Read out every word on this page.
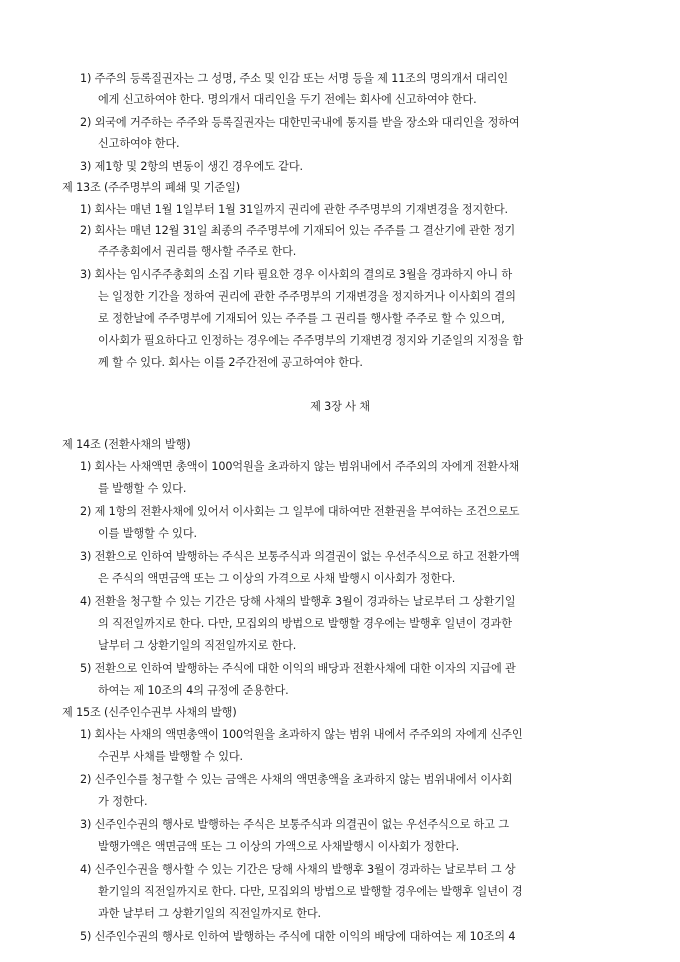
1) 주주의 등록질권자는 그 성명, 주소 및 인감 또는 서명 등을 제 11조의 명의개서 대리인
에게 신고하여야 한다. 명의개서 대리인을 두기 전에는 회사에 신고하여야 한다.
2) 외국에 거주하는 주주와 등록질권자는 대한민국내에 통지를 받을 장소와 대리인을 정하여
신고하여야 한다.
3) 제1항 및 2항의 변동이 생긴 경우에도 같다.
제 13조 (주주명부의 폐쇄 및 기준일)
1) 회사는 매년 1월 1일부터 1월 31일까지 권리에 관한 주주명부의 기재변경을 정지한다.
2) 회사는 매년 12월 31일 최종의 주주명부에 기재되어 있는 주주를 그 결산기에 관한 정기
주주총회에서 권리를 행사할 주주로 한다.
3) 회사는 임시주주총회의 소집 기타 필요한 경우 이사회의 결의로 3월을 경과하지 아니 하
는 일정한 기간을 정하여 권리에 관한 주주명부의 기재변경을 정지하거나 이사회의 결의
로 정한날에 주주명부에 기재되어 있는 주주를 그 권리를 행사할 주주로 할 수 있으며,
이사회가 필요하다고 인정하는 경우에는 주주명부의 기재변경 정지와 기준일의 지정을 함
께 할 수 있다. 회사는 이를 2주간전에 공고하여야 한다.
제 3장 사 채
제 14조 (전환사채의 발행)
1) 회사는 사채액면 총액이 100억원을 초과하지 않는 범위내에서 주주외의 자에게 전환사채
를 발행할 수 있다.
2) 제 1항의 전환사채에 있어서 이사회는 그 일부에 대하여만 전환권을 부여하는 조건으로도
이를 발행할 수 있다.
3) 전환으로 인하여 발행하는 주식은 보통주식과 의결권이 없는 우선주식으로 하고 전환가액
은 주식의 액면금액 또는 그 이상의 가격으로 사채 발행시 이사회가 정한다.
4) 전환을 청구할 수 있는 기간은 당해 사채의 발행후 3월이 경과하는 날로부터 그 상환기일
의 직전일까지로 한다. 다만, 모집외의 방법으로 발행할 경우에는 발행후 일년이 경과한
날부터 그 상환기일의 직전일까지로 한다.
5) 전환으로 인하여 발행하는 주식에 대한 이익의 배당과 전환사채에 대한 이자의 지급에 관
하여는 제 10조의 4의 규정에 준용한다.
제 15조 (신주인수권부 사채의 발행)
1) 회사는 사채의 액면총액이 100억원을 초과하지 않는 범위 내에서 주주외의 자에게 신주인
수권부 사채를 발행할 수 있다.
2) 신주인수를 청구할 수 있는 금액은 사채의 액면총액을 초과하지 않는 범위내에서 이사회
가 정한다.
3) 신주인수권의 행사로 발행하는 주식은 보통주식과 의결권이 없는 우선주식으로 하고 그
발행가액은 액면금액 또는 그 이상의 가액으로 사채발행시 이사회가 정한다.
4) 신주인수권을 행사할 수 있는 기간은 당해 사채의 발행후 3월이 경과하는 날로부터 그 상
환기일의 직전일까지로 한다. 다만, 모집외의 방법으로 발행할 경우에는 발행후 일년이 경
과한 날부터 그 상환기일의 직전일까지로 한다.
5) 신주인수권의 행사로 인하여 발행하는 주식에 대한 이익의 배당에 대하여는 제 10조의 4
